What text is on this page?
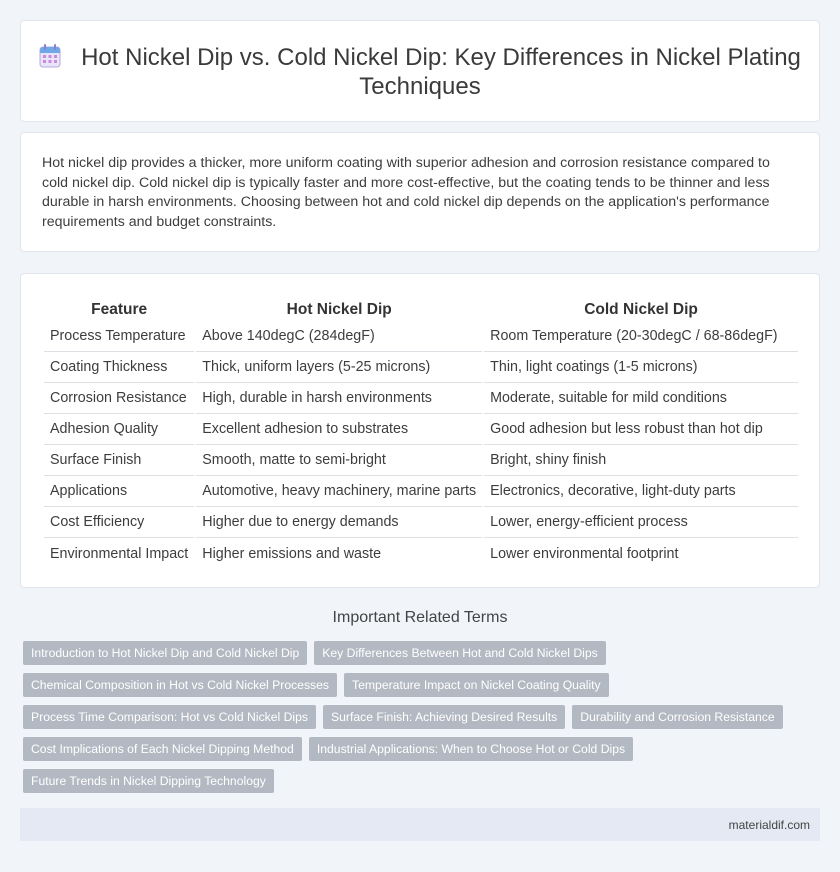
Hot Nickel Dip vs. Cold Nickel Dip: Key Differences in Nickel Plating Techniques

Hot nickel dip provides a thicker, more uniform coating with superior adhesion and corrosion resistance compared to cold nickel dip. Cold nickel dip is typically faster and more cost-effective, but the coating tends to be thinner and less durable in harsh environments. Choosing between hot and cold nickel dip depends on the application's performance requirements and budget constraints.

Feature	Hot Nickel Dip	Cold Nickel Dip
Process Temperature	Above 140degC (284degF)	Room Temperature (20-30degC / 68-86degF)
Coating Thickness	Thick, uniform layers (5-25 microns)	Thin, light coatings (1-5 microns)
Corrosion Resistance	High, durable in harsh environments	Moderate, suitable for mild conditions
Adhesion Quality	Excellent adhesion to substrates	Good adhesion but less robust than hot dip
Surface Finish	Smooth, matte to semi-bright	Bright, shiny finish
Applications	Automotive, heavy machinery, marine parts	Electronics, decorative, light-duty parts
Cost Efficiency	Higher due to energy demands	Lower, energy-efficient process
Environmental Impact	Higher emissions and waste	Lower environmental footprint
Important Related Terms
Introduction to Hot Nickel Dip and Cold Nickel Dip	Key Differences Between Hot and Cold Nickel Dips
Chemical Composition in Hot vs Cold Nickel Processes	Temperature Impact on Nickel Coating Quality
Process Time Comparison: Hot vs Cold Nickel Dips	Surface Finish: Achieving Desired Results	Durability and Corrosion Resistance
Cost Implications of Each Nickel Dipping Method	Industrial Applications: When to Choose Hot or Cold Dips
Future Trends in Nickel Dipping Technology
materialdif.com
